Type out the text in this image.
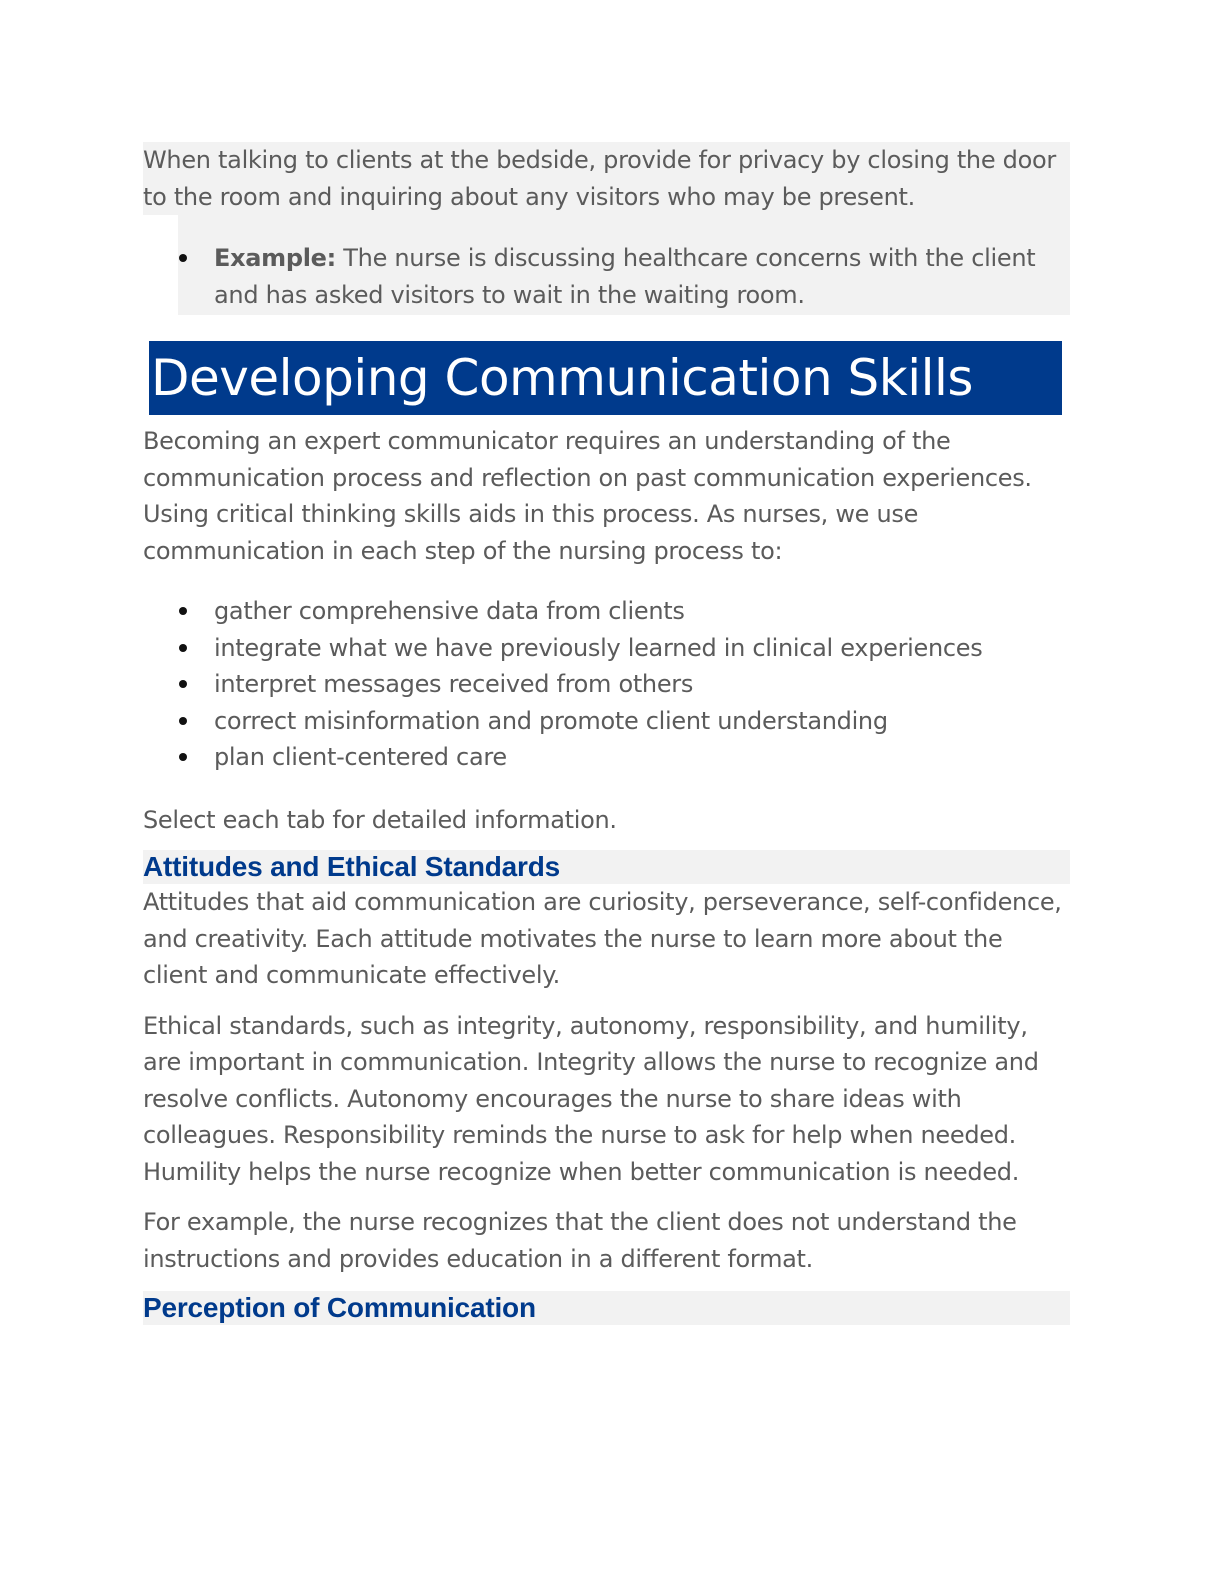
When talking to clients at the bedside, provide for privacy by closing the door to the room and inquiring about any visitors who may be present.

Example: The nurse is discussing healthcare concerns with the client and has asked visitors to wait in the waiting room.
Developing Communication Skills

Becoming an expert communicator requires an understanding of the communication process and reflection on past communication experiences. Using critical thinking skills aids in this process. As nurses, we use communication in each step of the nursing process to:

gather comprehensive data from clients
integrate what we have previously learned in clinical experiences
interpret messages received from others
correct misinformation and promote client understanding
plan client-centered care

Select each tab for detailed information.

Attitudes and Ethical Standards

Attitudes that aid communication are curiosity, perseverance, self-confidence, and creativity. Each attitude motivates the nurse to learn more about the client and communicate effectively.

Ethical standards, such as integrity, autonomy, responsibility, and humility, are important in communication. Integrity allows the nurse to recognize and resolve conflicts. Autonomy encourages the nurse to share ideas with colleagues. Responsibility reminds the nurse to ask for help when needed. Humility helps the nurse recognize when better communication is needed.

For example, the nurse recognizes that the client does not understand the instructions and provides education in a different format.

Perception of Communication
